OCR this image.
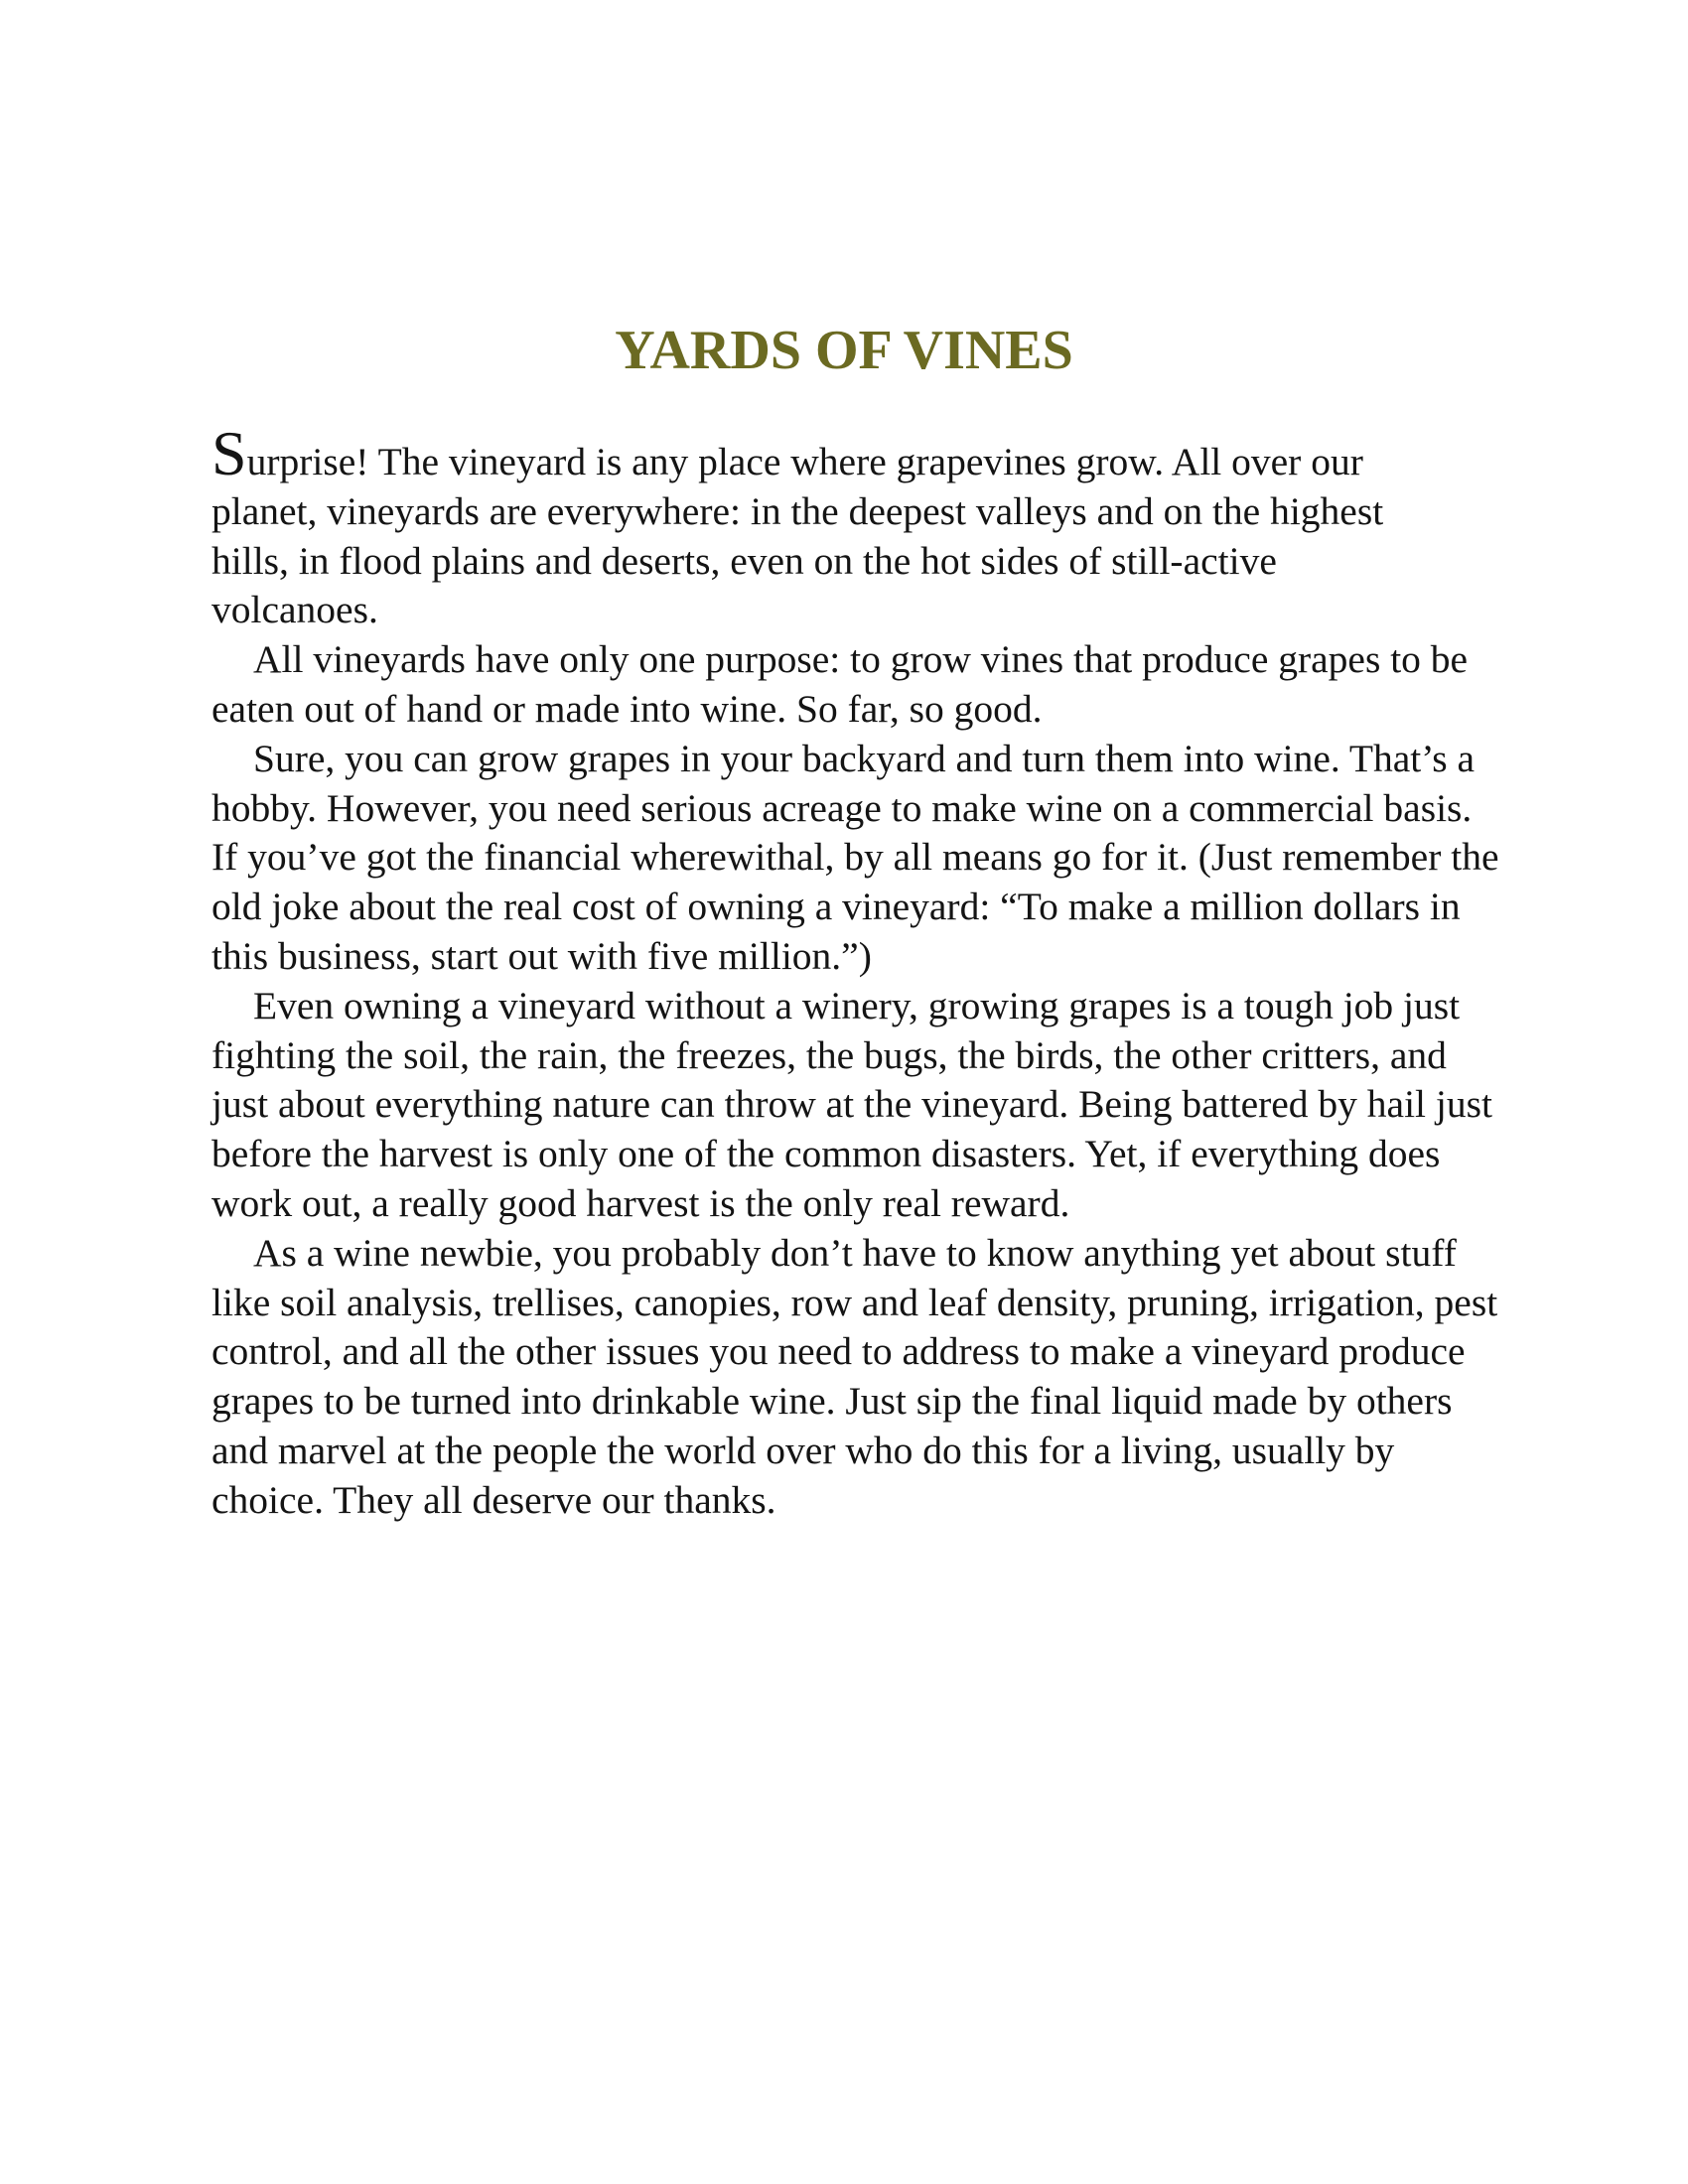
YARDS OF VINES
Surprise! The vineyard is any place where grapevines grow. All over our
planet, vineyards are everywhere: in the deepest valleys and on the highest
hills, in flood plains and deserts, even on the hot sides of still-active
volcanoes.

All vineyards have only one purpose: to grow vines that produce grapes to be eaten out of hand or made into wine. So far, so good.

Sure, you can grow grapes in your backyard and turn them into wine. That’s a hobby. However, you need serious acreage to make wine on a commercial basis. If you’ve got the financial wherewithal, by all means go for it. (Just remember the old joke about the real cost of owning a vineyard: “To make a million dollars in this business, start out with five million.”)

Even owning a vineyard without a winery, growing grapes is a tough job just fighting the soil, the rain, the freezes, the bugs, the birds, the other critters, and just about everything nature can throw at the vineyard. Being battered by hail just before the harvest is only one of the common disasters. Yet, if everything does work out, a really good harvest is the only real reward.

As a wine newbie, you probably don’t have to know anything yet about stuff like soil analysis, trellises, canopies, row and leaf density, pruning, irrigation, pest control, and all the other issues you need to address to make a vineyard produce grapes to be turned into drinkable wine. Just sip the final liquid made by others and marvel at the people the world over who do this for a living, usually by choice. They all deserve our thanks.
